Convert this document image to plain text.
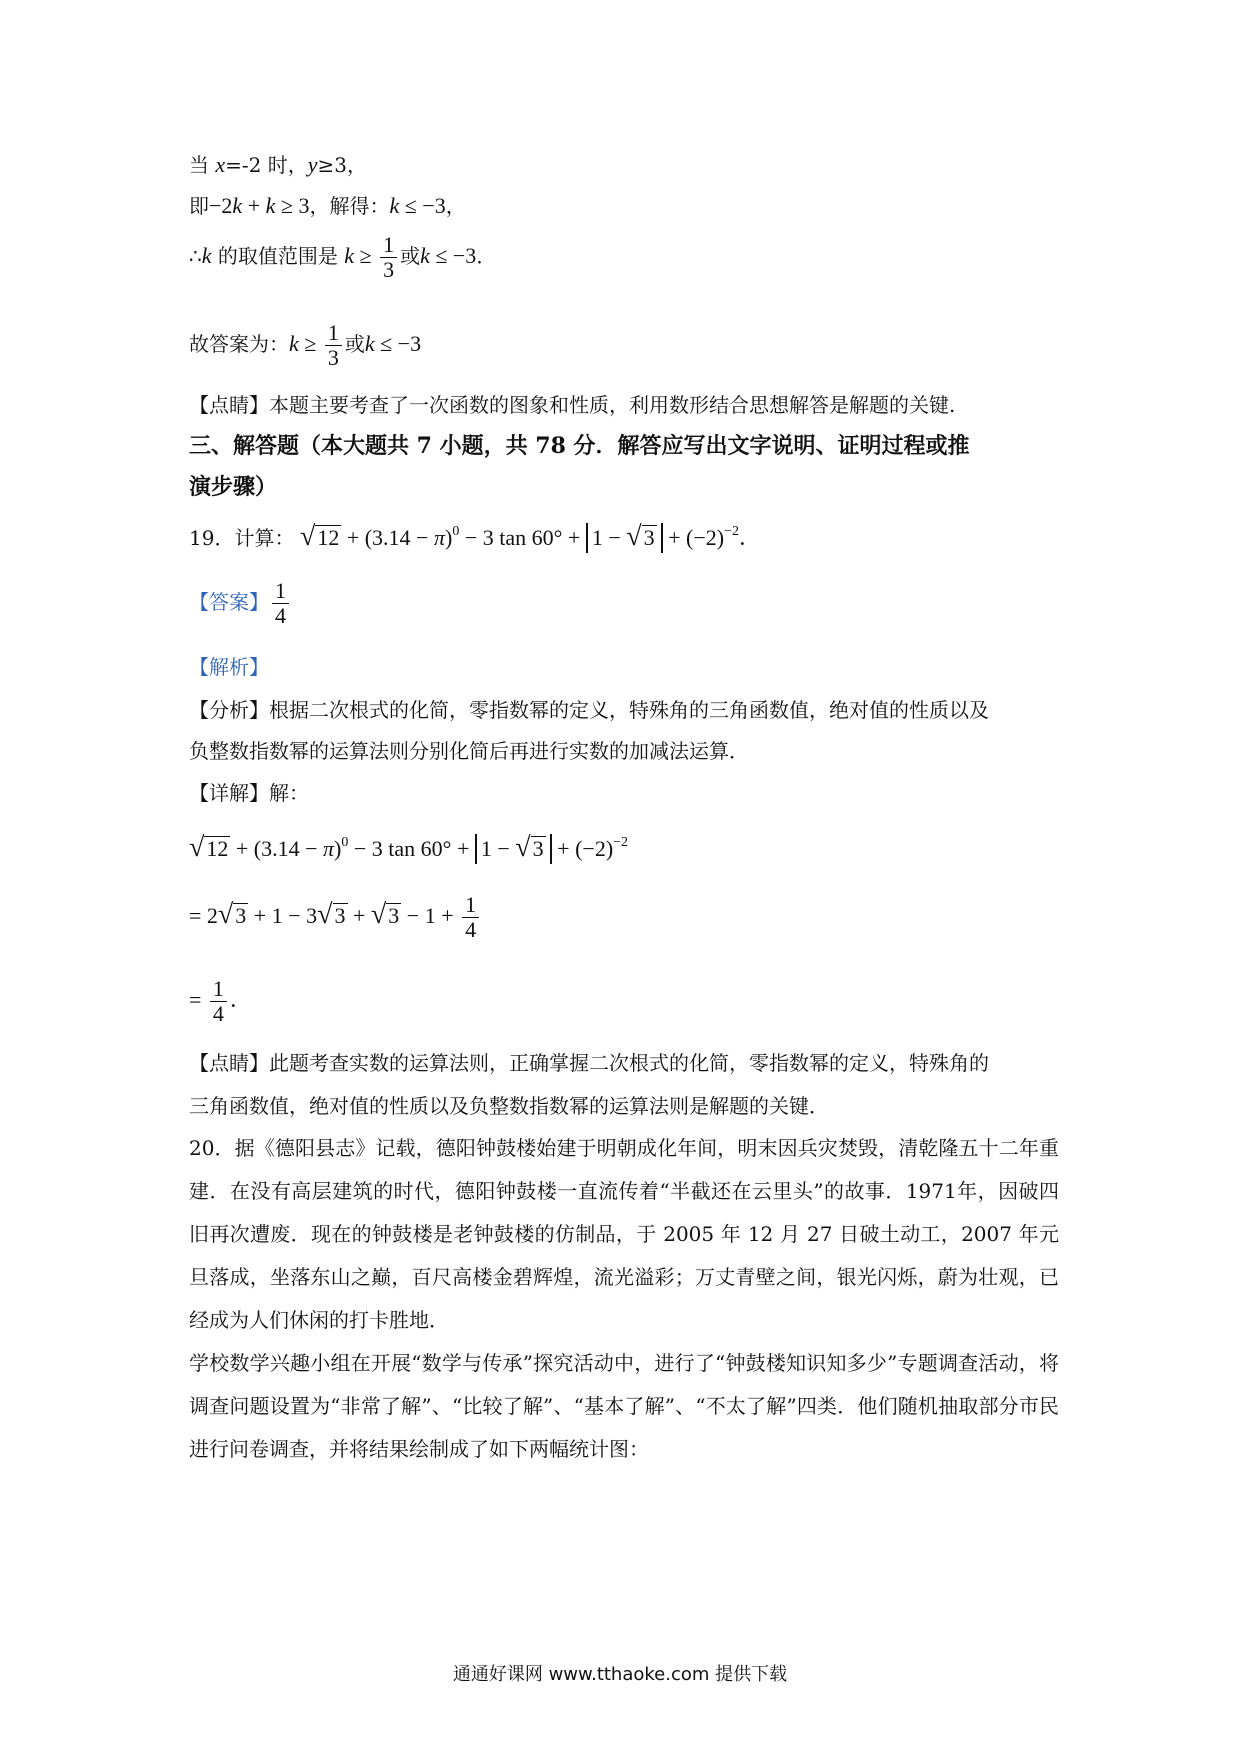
当 x=-2 时，y≥3，
即−2k + k ≥ 3，解得：k ≤ −3，
∴k 的取值范围是 $k \ge \frac{1}{3}$ 或k ≤ −3．
故答案为：$k \ge \frac{1}{3}$ 或k ≤ −3
【点睛】本题主要考查了一次函数的图象和性质，利用数形结合思想解答是解题的关键.
三、解答题（本大题共 7 小题，共 78 分．解答应写出文字说明、证明过程或推
演步骤）
19．计算： √ $12 + (3.14 - \pi)^0 - 3$ tan 60° + 1 − √ $3 + (-2)^{-2}$．
【答案】 $\frac{1}{4}$
【解析】
【分析】根据二次根式的化简，零指数幂的定义，特殊角的三角函数值，绝对值的性质以及
负整数指数幂的运算法则分别化简后再进行实数的加减法运算．
【详解】解：
√ $12 + (3.14 - \pi)^0 - 3$ tan 60° + 1 − √ $3 + (-2)^{-2}$
= 2 √ 3 + 1 − 3 √ 3 + √ $3 - 1 + \frac{1}{4}$
= $\frac{1}{4}$ ．
【点睛】此题考查实数的运算法则，正确掌握二次根式的化简，零指数幂的定义，特殊角的
三角函数值，绝对值的性质以及负整数指数幂的运算法则是解题的关键．
20．据《德阳县志》记载，德阳钟鼓楼始建于明朝成化年间，明末因兵灾焚毁，清乾隆五十二年重建．在没有高层建筑的时代，德阳钟鼓楼一直流传着“半截还在云里头”的故事．1971年，因破四旧再次遭废．现在的钟鼓楼是老钟鼓楼的仿制品，于 2005 年 12 月 27 日破土动工，2007 年元旦落成，坐落东山之巅，百尺高楼金碧辉煌，流光溢彩；万丈青壁之间，银光闪烁，蔚为壮观，已经成为人们休闲的打卡胜地．
学校数学兴趣小组在开展“数学与传承”探究活动中，进行了“钟鼓楼知识知多少”专题调查活动，将调查问题设置为“非常了解”、“比较了解”、“基本了解”、“不太了解”四类．他们随机抽取部分市民进行问卷调查，并将结果绘制成了如下两幅统计图：
通通好课网 www.tthaoke.com 提供下载
